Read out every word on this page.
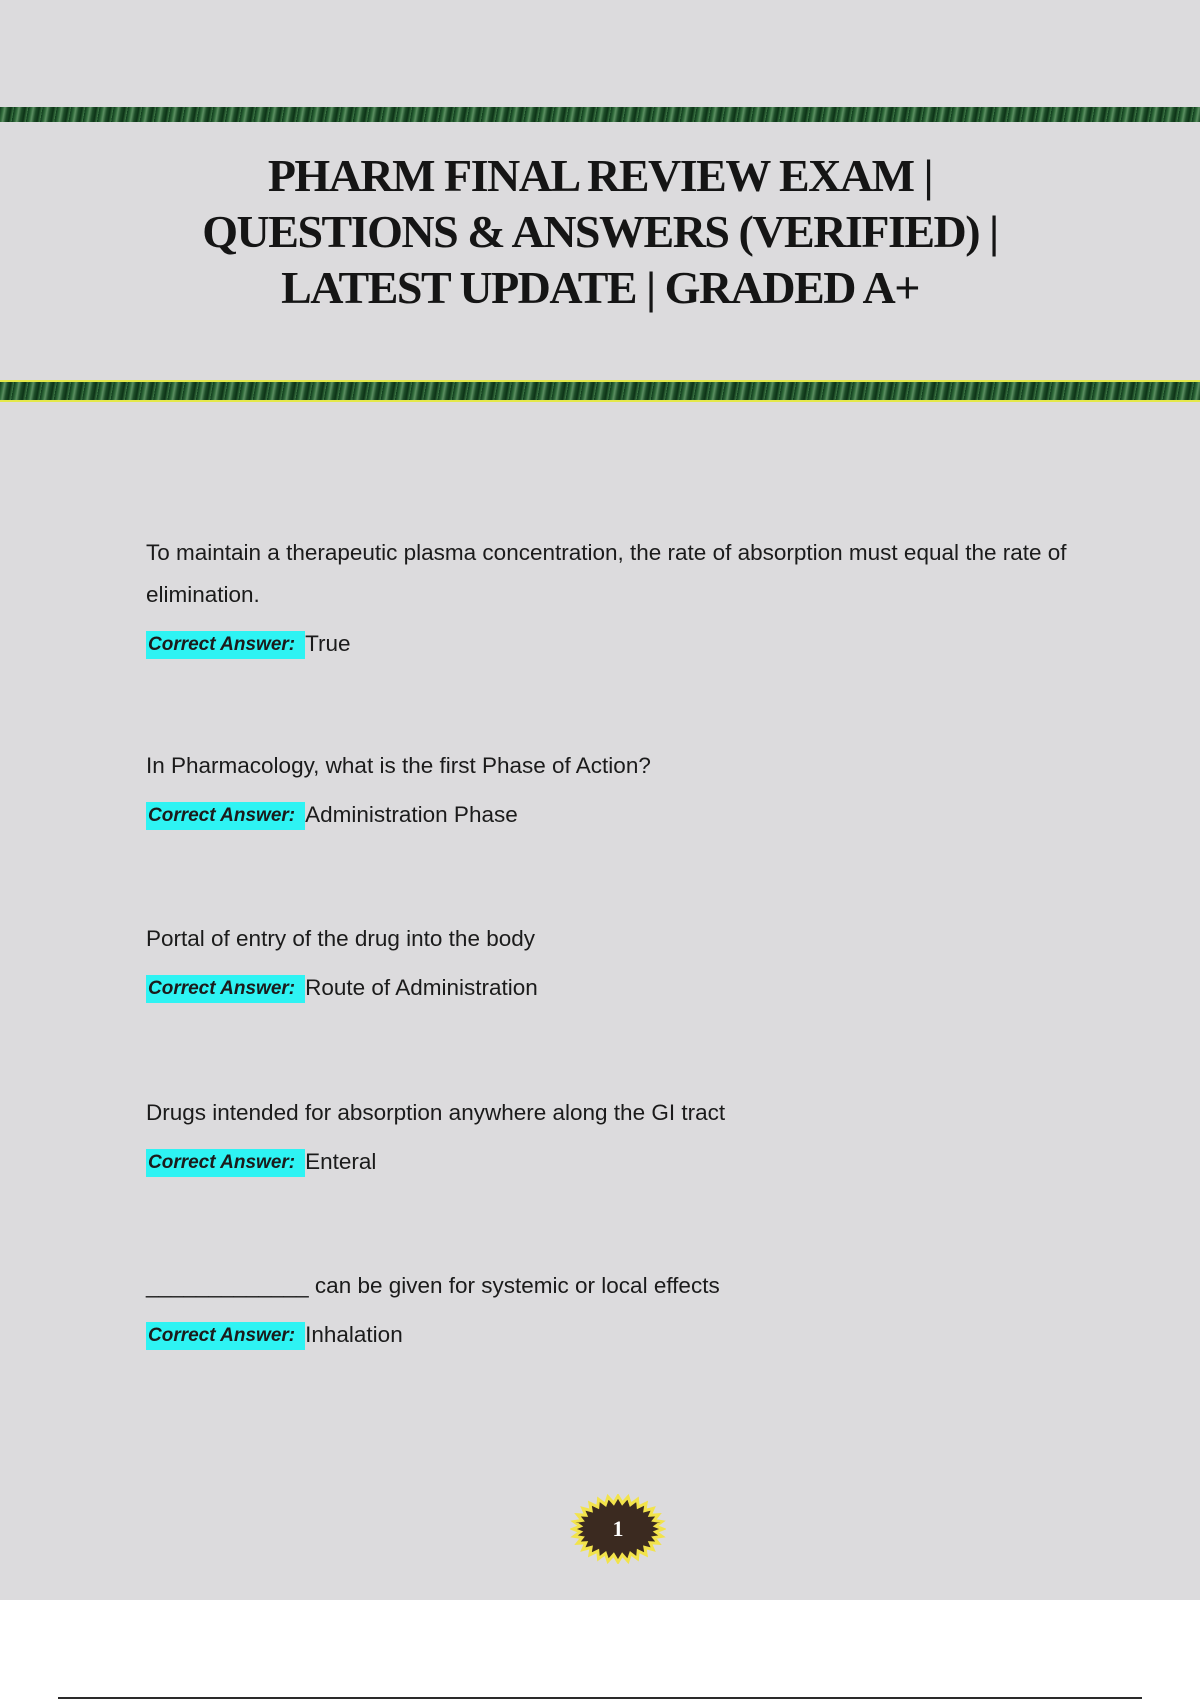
PHARM FINAL REVIEW EXAM |
QUESTIONS & ANSWERS (VERIFIED) |
LATEST UPDATE | GRADED A+

To maintain a therapeutic plasma concentration, the rate of absorption must equal the rate of elimination.

Correct Answer: True

In Pharmacology, what is the first Phase of Action?

Correct Answer: Administration Phase

Portal of entry of the drug into the body

Correct Answer: Route of Administration

Drugs intended for absorption anywhere along the GI tract

Correct Answer: Enteral

_____________ can be given for systemic or local effects

Correct Answer: Inhalation

1
